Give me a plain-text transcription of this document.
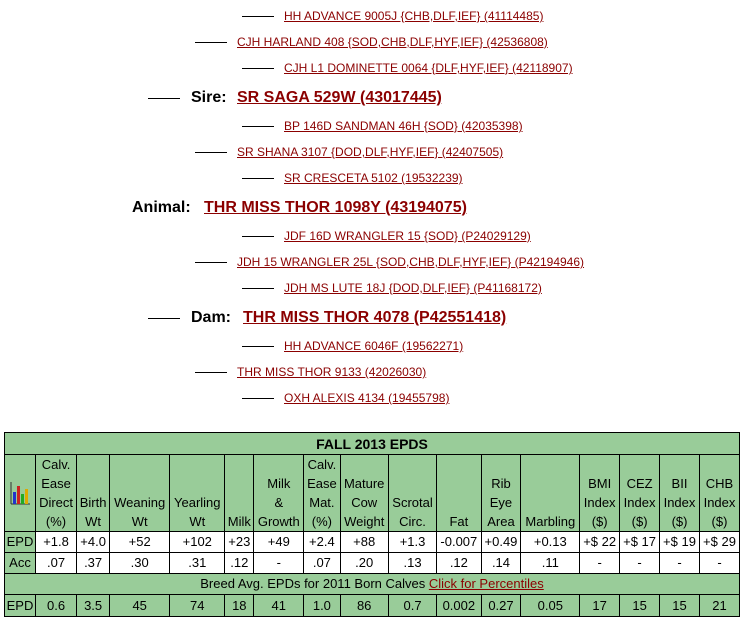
HH ADVANCE 9005J {CHB,DLF,IEF} (41114485)
CJH HARLAND 408 {SOD,CHB,DLF,HYF,IEF} (42536808)
CJH L1 DOMINETTE 0064 {DLF,HYF,IEF} (42118907)
Sire: SR SAGA 529W (43017445)
BP 146D SANDMAN 46H {SOD} (42035398)
SR SHANA 3107 {DOD,DLF,HYF,IEF} (42407505)
SR CRESCETA 5102 (19532239)
Animal: THR MISS THOR 1098Y (43194075)
JDF 16D WRANGLER 15 {SOD} (P24029129)
JDH 15 WRANGLER 25L {SOD,CHB,DLF,HYF,IEF} (P42194946)
JDH MS LUTE 18J {DOD,DLF,IEF} (P41168172)
Dam: THR MISS THOR 4078 (P42551418)
HH ADVANCE 6046F (19562271)
THR MISS THOR 9133 (42026030)
OXH ALEXIS 4134 (19455798)
FALL 2013 EPDS																
	Calv.
Ease
Direct
(%)	Birth
Wt	Weaning
Wt	Yearling
Wt	Milk	Milk
&
Growth	Calv.
Ease
Mat.
(%)	Mature
Cow
Weight	Scrotal
Circ.	Fat	Rib
Eye
Area	Marbling	BMI
Index
($)	CEZ
Index
($)	BII
Index
($)	CHB
Index
($)
EPD	+1.8	+4.0	+52	+102	+23	+49	+2.4	+88	+1.3	-0.007	+0.49	+0.13	+$ 22	+$ 17	+$ 19	+$ 29
Acc	.07	.37	.30	.31	.12	-	.07	.20	.13	.12	.14	.11	-	-	-	-
Breed Avg. EPDs for 2011 Born Calves Click for Percentiles																
EPD	0.6	3.5	45	74	18	41	1.0	86	0.7	0.002	0.27	0.05	17	15	15	21
